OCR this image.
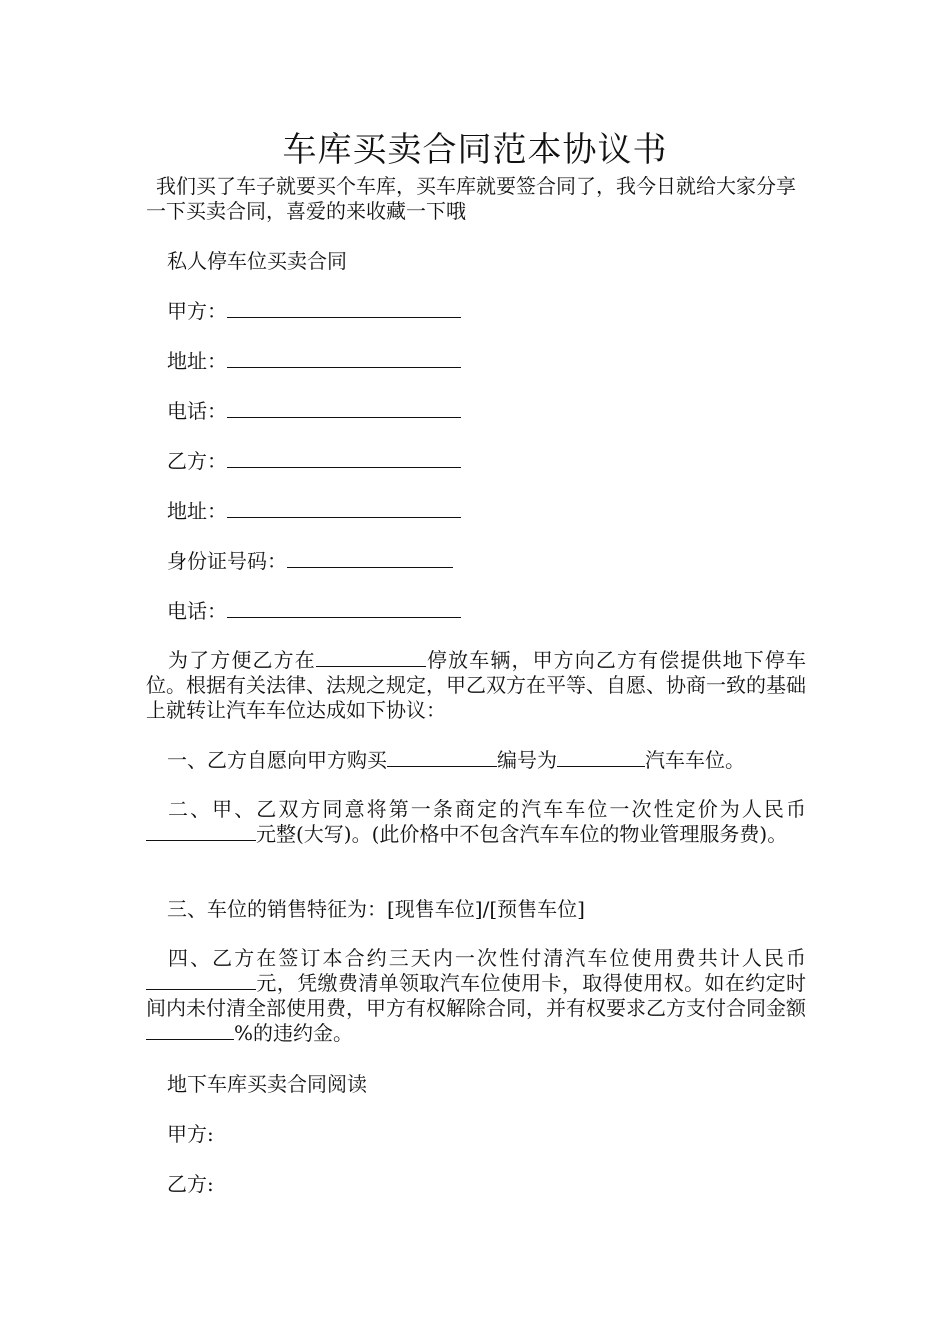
车库买卖合同范本协议书

我们买了车子就要买个车库，买车库就要签合同了，我今日就给大家分享一下买卖合同，喜爱的来收藏一下哦

私人停车位买卖合同

甲方：

地址：

电话：

乙方：

地址：

身份证号码：

电话：

为了方便乙方在	停放车辆，甲方向乙方有偿提供地下停车位。根据有关法律、法规之规定，甲乙双方在平等、自愿、协商一致的基础上就转让汽车车位达成如下协议：

一、乙方自愿向甲方购买	编号为	汽车车位。

二、甲、乙双方同意将第一条商定的汽车车位一次性定价为人民币元整(大写)。(此价格中不包含汽车车位的物业管理服务费)。

三、车位的销售特征为：[现售车位]/[预售车位]

四、乙方在签订本合约三天内一次性付清汽车位使用费共计人民币元，凭缴费清单领取汽车位使用卡，取得使用权。如在约定时间内未付清全部使用费，甲方有权解除合同，并有权要求乙方支付合同金额%的违约金。

地下车库买卖合同阅读

甲方:

乙方:
